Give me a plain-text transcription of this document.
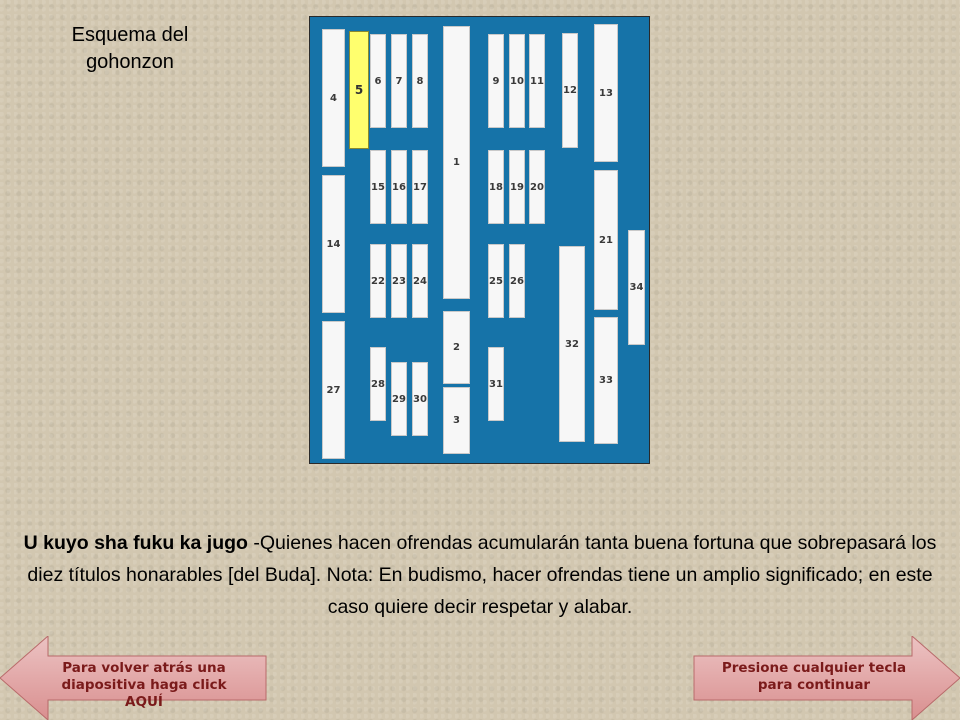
Esquema del gohonzon
4
5
6	7	8
1
9	10 11
12	13
14
15 16 17	18 19 20
21
22 23 24	25 26
34
2
3
27
28
29 30
31
32
33
U kuyo sha fuku ka jugo -Quienes hacen ofrendas acumularán tanta buena fortuna que sobrepasará los diez títulos honarables [del Buda]. Nota: En budismo, hacer ofrendas tiene un amplio significado; en este caso quiere decir respetar y alabar.
Para volver atrás una diapositiva haga click AQUÍ
Presione cualquier tecla para continuar
